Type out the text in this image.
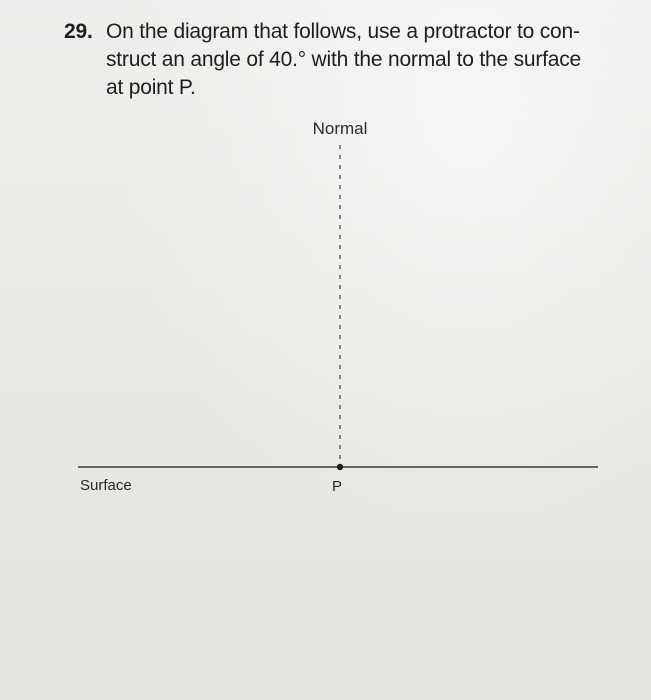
29. On the diagram that follows, use a protractor to con-
struct an angle of 40.° with the normal to the surface
at point P.
Normal
Surface	P
